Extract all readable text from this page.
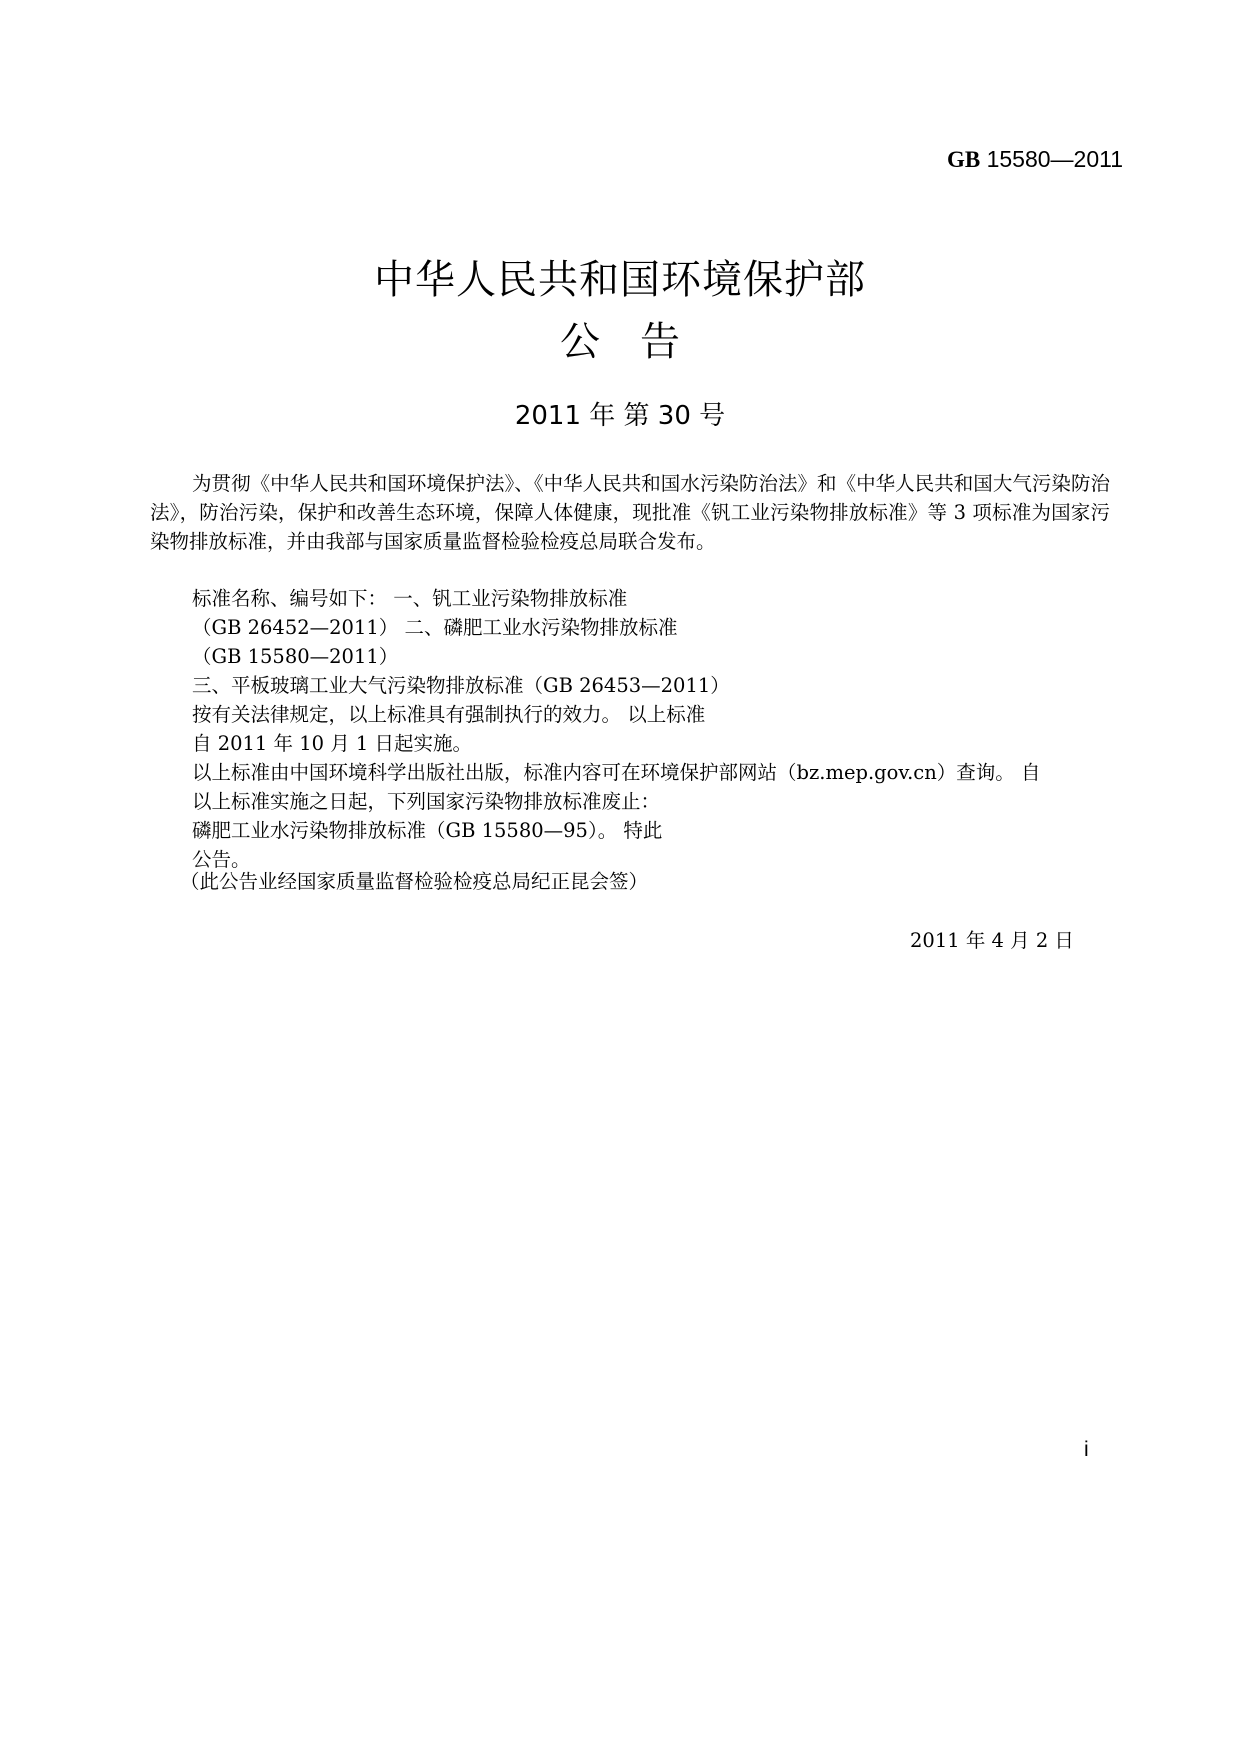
GB 15580—2011
中华人民共和国环境保护部
公告
2011 年 第 30 号
为贯彻《中华人民共和国环境保护法》、《中华人民共和国水污染防治法》和《中华人民共和国大气污染防治法》，防治污染，保护和改善生态环境，保障人体健康，现批准《钒工业污染物排放标准》等 3 项标准为国家污染物排放标准，并由我部与国家质量监督检验检疫总局联合发布。
标准名称、编号如下： 一、钒工业污染物排放标准
（GB 26452—2011） 二、磷肥工业水污染物排放标准
（GB 15580—2011）
三、平板玻璃工业大气污染物排放标准（GB 26453—2011）
按有关法律规定，以上标准具有强制执行的效力。 以上标准
自 2011 年 10 月 1 日起实施。
以上标准由中国环境科学出版社出版，标准内容可在环境保护部网站（bz.mep.gov.cn）查询。 自
以上标准实施之日起，下列国家污染物排放标准废止：
磷肥工业水污染物排放标准（GB 15580—95）。 特此
公告。
（此公告业经国家质量监督检验检疫总局纪正昆会签）
2011 年 4 月 2 日
i
